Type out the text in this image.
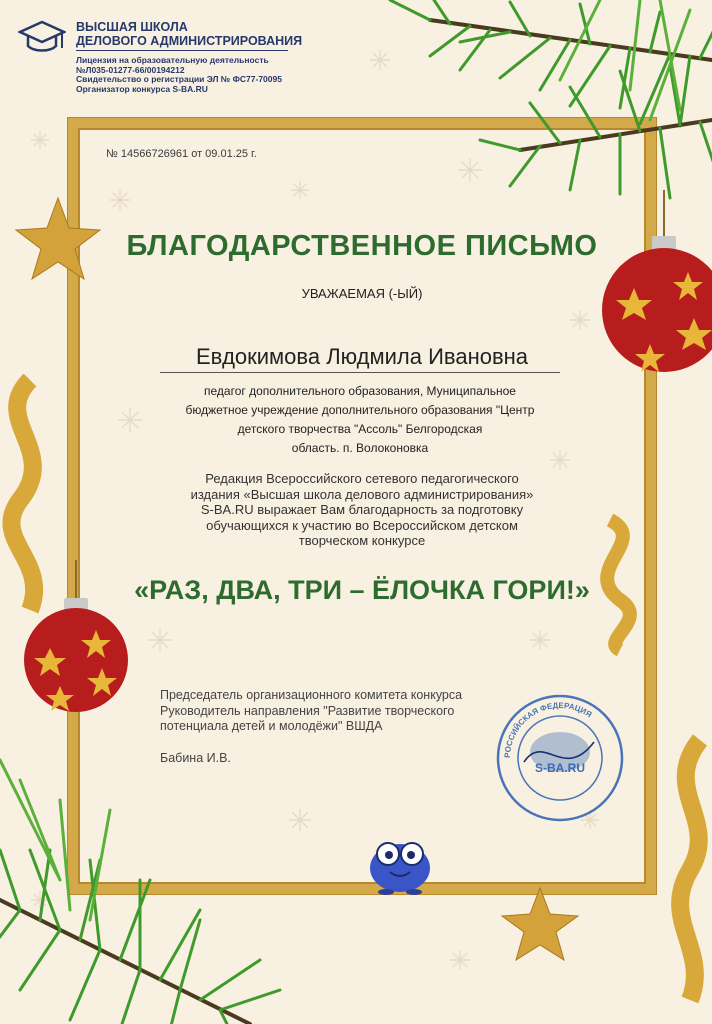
ВЫСШАЯ ШКОЛА
ДЕЛОВОГО АДМИНИСТРИРОВАНИЯ
Лицензия на образовательную деятельность
№Л035-01277-66/00194212
Свидетельство о регистрации ЭЛ № ФС77-70095
Организатор конкурса S-BA.RU
№ 14566726961 от 09.01.25 г.
БЛАГОДАРСТВЕННОЕ ПИСЬМО
УВАЖАЕМАЯ (-ЫЙ)
Евдокимова Людмила Ивановна
педагог дополнительного образования, Муниципальное
бюджетное учреждение дополнительного образования "Центр
детского творчества "Ассоль" Белгородская
область. п. Волоконовка
Редакция Всероссийского сетевого педагогического
издания «Высшая школа делового администрирования»
S-BA.RU выражает Вам благодарность за подготовку
обучающихся к участию во Всероссийском детском
творческом конкурсе
«РАЗ, ДВА, ТРИ – ЁЛОЧКА ГОРИ!»
Председатель организационного комитета конкурса
Руководитель направления "Развитие творческого
потенциала детей и молодёжи" ВШДА
Бабина И.В.	РОССИЙСКАЯ ФЕДЕРАЦИЯ
S-BA.RU
